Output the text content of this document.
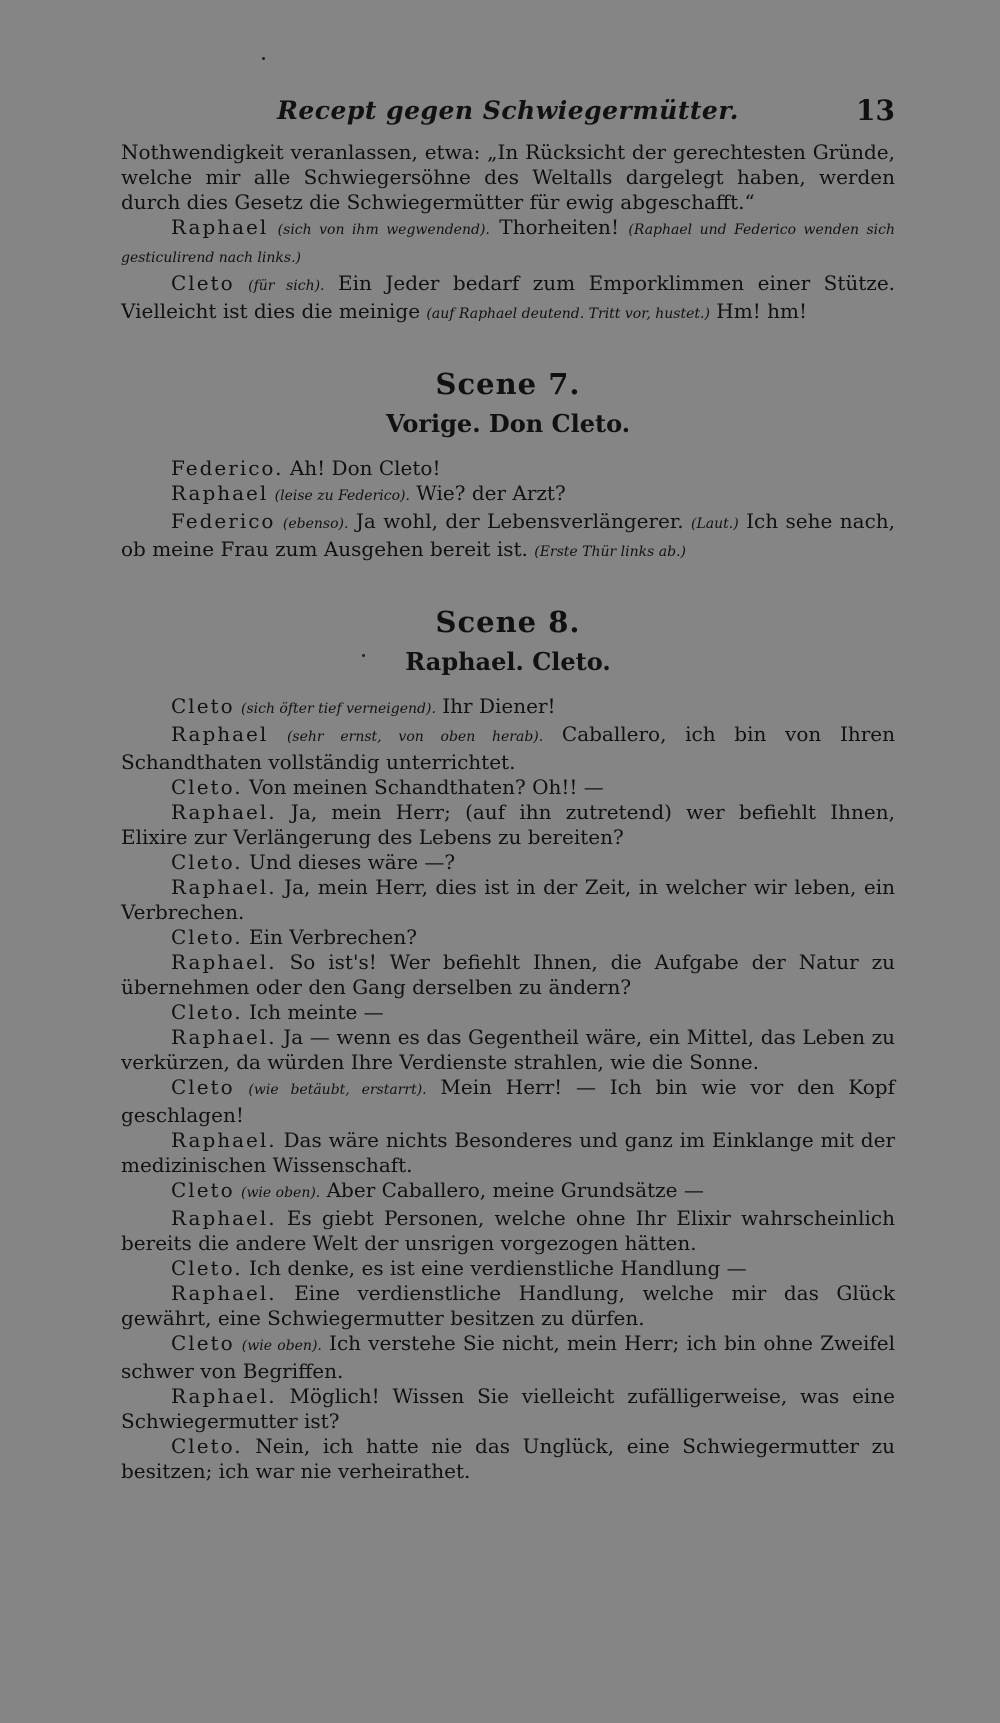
Recept gegen Schwiegermütter.	13

Nothwendigkeit veranlassen, etwa: „In Rücksicht der gerechtesten Gründe, welche mir alle Schwiegersöhne des Weltalls dargelegt haben, werden durch dies Gesetz die Schwiegermütter für ewig abgeschafft.“

Raphael (sich von ihm wegwendend). Thorheiten! (Raphael und Federico wenden sich gesticulirend nach links.)

Cleto (für sich). Ein Jeder bedarf zum Emporklimmen einer Stütze. Vielleicht ist dies die meinige (auf Raphael deutend. Tritt vor, hustet.) Hm! hm!

Scene 7.
Vorige. Don Cleto.

Federico. Ah! Don Cleto!

Raphael (leise zu Federico). Wie? der Arzt?

Federico (ebenso). Ja wohl, der Lebensverlängerer. (Laut.) Ich sehe nach, ob meine Frau zum Ausgehen bereit ist. (Erste Thür links ab.)

Scene 8.
Raphael. Cleto.

Cleto (sich öfter tief verneigend). Ihr Diener!

Raphael (sehr ernst, von oben herab). Caballero, ich bin von Ihren Schandthaten vollständig unterrichtet.

Cleto. Von meinen Schandthaten? Oh!! —

Raphael. Ja, mein Herr; (auf ihn zutretend) wer befiehlt Ihnen, Elixire zur Verlängerung des Lebens zu bereiten?

Cleto. Und dieses wäre —?

Raphael. Ja, mein Herr, dies ist in der Zeit, in welcher wir leben, ein Verbrechen.

Cleto. Ein Verbrechen?

Raphael. So ist's! Wer befiehlt Ihnen, die Aufgabe der Natur zu übernehmen oder den Gang derselben zu ändern?

Cleto. Ich meinte —

Raphael. Ja — wenn es das Gegentheil wäre, ein Mittel, das Leben zu verkürzen, da würden Ihre Verdienste strahlen, wie die Sonne.

Cleto (wie betäubt, erstarrt). Mein Herr! — Ich bin wie vor den Kopf geschlagen!

Raphael. Das wäre nichts Besonderes und ganz im Einklange mit der medizinischen Wissenschaft.

Cleto (wie oben). Aber Caballero, meine Grundsätze —

Raphael. Es giebt Personen, welche ohne Ihr Elixir wahrscheinlich bereits die andere Welt der unsrigen vorgezogen hätten.

Cleto. Ich denke, es ist eine verdienstliche Handlung —

Raphael. Eine verdienstliche Handlung, welche mir das Glück gewährt, eine Schwiegermutter besitzen zu dürfen.

Cleto (wie oben). Ich verstehe Sie nicht, mein Herr; ich bin ohne Zweifel schwer von Begriffen.

Raphael. Möglich! Wissen Sie vielleicht zufälligerweise, was eine Schwiegermutter ist?

Cleto. Nein, ich hatte nie das Unglück, eine Schwiegermutter zu besitzen; ich war nie verheirathet.
